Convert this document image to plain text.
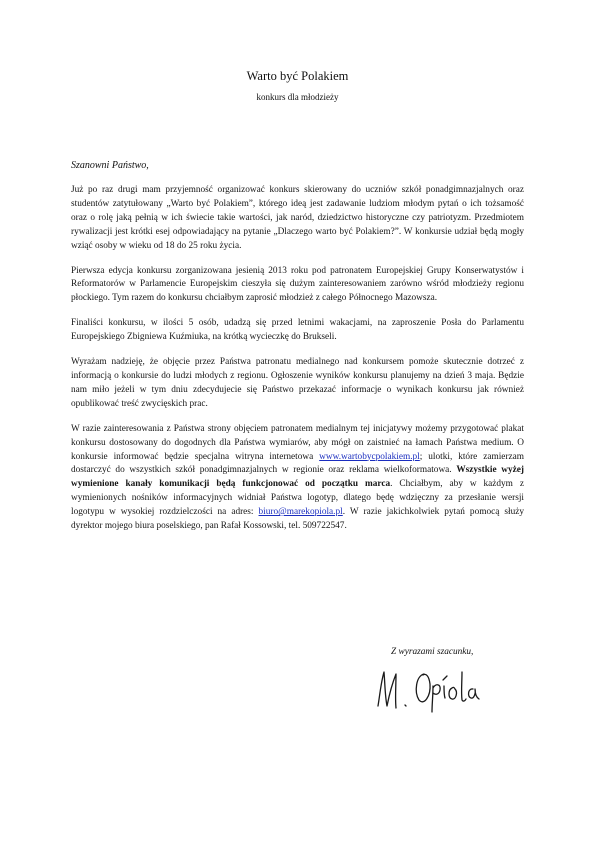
Warto być Polakiem
konkurs dla młodzieży
Szanowni Państwo,

Już po raz drugi mam przyjemność organizować konkurs skierowany do uczniów szkół ponadgimnazjalnych oraz studentów zatytułowany „Warto być Polakiem”, którego ideą jest zadawanie ludziom młodym pytań o ich tożsamość oraz o rolę jaką pełnią w ich świecie takie wartości, jak naród, dziedzictwo historyczne czy patriotyzm. Przedmiotem rywalizacji jest krótki esej odpowiadający na pytanie „Dlaczego warto być Polakiem?”. W konkursie udział będą mogły wziąć osoby w wieku od 18 do 25 roku życia.

Pierwsza edycja konkursu zorganizowana jesienią 2013 roku pod patronatem Europejskiej Grupy Konserwatystów i Reformatorów w Parlamencie Europejskim cieszyła się dużym zainteresowaniem zarówno wśród młodzieży regionu płockiego. Tym razem do konkursu chciałbym zaprosić młodzież z całego Północnego Mazowsza.

Finaliści konkursu, w ilości 5 osób, udadzą się przed letnimi wakacjami, na zaproszenie Posła do Parlamentu Europejskiego Zbigniewa Kuźmiuka, na krótką wycieczkę do Brukseli.

Wyrażam nadzieję, że objęcie przez Państwa patronatu medialnego nad konkursem pomoże skutecznie dotrzeć z informacją o konkursie do ludzi młodych z regionu. Ogłoszenie wyników konkursu planujemy na dzień 3 maja. Będzie nam miło jeżeli w tym dniu zdecydujecie się Państwo przekazać informacje o wynikach konkursu jak również opublikować treść zwycięskich prac.

W razie zainteresowania z Państwa strony objęciem patronatem medialnym tej inicjatywy możemy przygotować plakat konkursu dostosowany do dogodnych dla Państwa wymiarów, aby mógł on zaistnieć na łamach Państwa medium. O konkursie informować będzie specjalna witryna internetowa www.wartobycpolakiem.pl; ulotki, które zamierzam dostarczyć do wszystkich szkół ponadgimnazjalnych w regionie oraz reklama wielkoformatowa. Wszystkie wyżej wymienione kanały komunikacji będą funkcjonować od początku marca. Chciałbym, aby w każdym z wymienionych nośników informacyjnych widniał Państwa logotyp, dlatego będę wdzięczny za przesłanie wersji logotypu w wysokiej rozdzielczości na adres: biuro@marekopiola.pl. W razie jakichkolwiek pytań pomocą służy dyrektor mojego biura poselskiego, pan Rafał Kossowski, tel. 509722547.

Z wyrazami szacunku,
